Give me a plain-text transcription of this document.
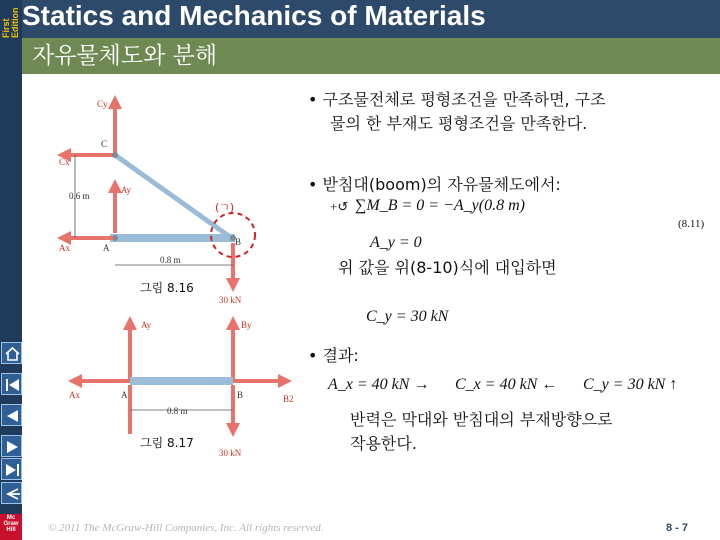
First Edition Statics and Mechanics of Materials
자유물체도와 분해
Mc
Graw
Hill
Cy
C
Cx
Ay
Ax	A
B
0.6 m
0.8 m
30 kN
(ㄱ)
그림 8.16
Ay	By
Ax	A	B	B2
0.8 m
30 kN
그림 8.17
• 구조물전체로 평형조건을 만족하면, 구조
물의 한 부재도 평형조건을 만족한다.
• 받침대(boom)의 자유물체도에서:
+↺ ∑M_B = 0 = −A_y(0.8 m)
(8.11)
A_y = 0
위 값을 위(8-10)식에 대입하면
C_y = 30 kN
• 결과:
A_x = 40 kN → C_x = 40 kN ← C_y = 30 kN ↑
반력은 막대와 받침대의 부재방향으로
작용한다.
© 2011 The McGraw-Hill Companies, Inc. All rights reserved.	8 - 7
